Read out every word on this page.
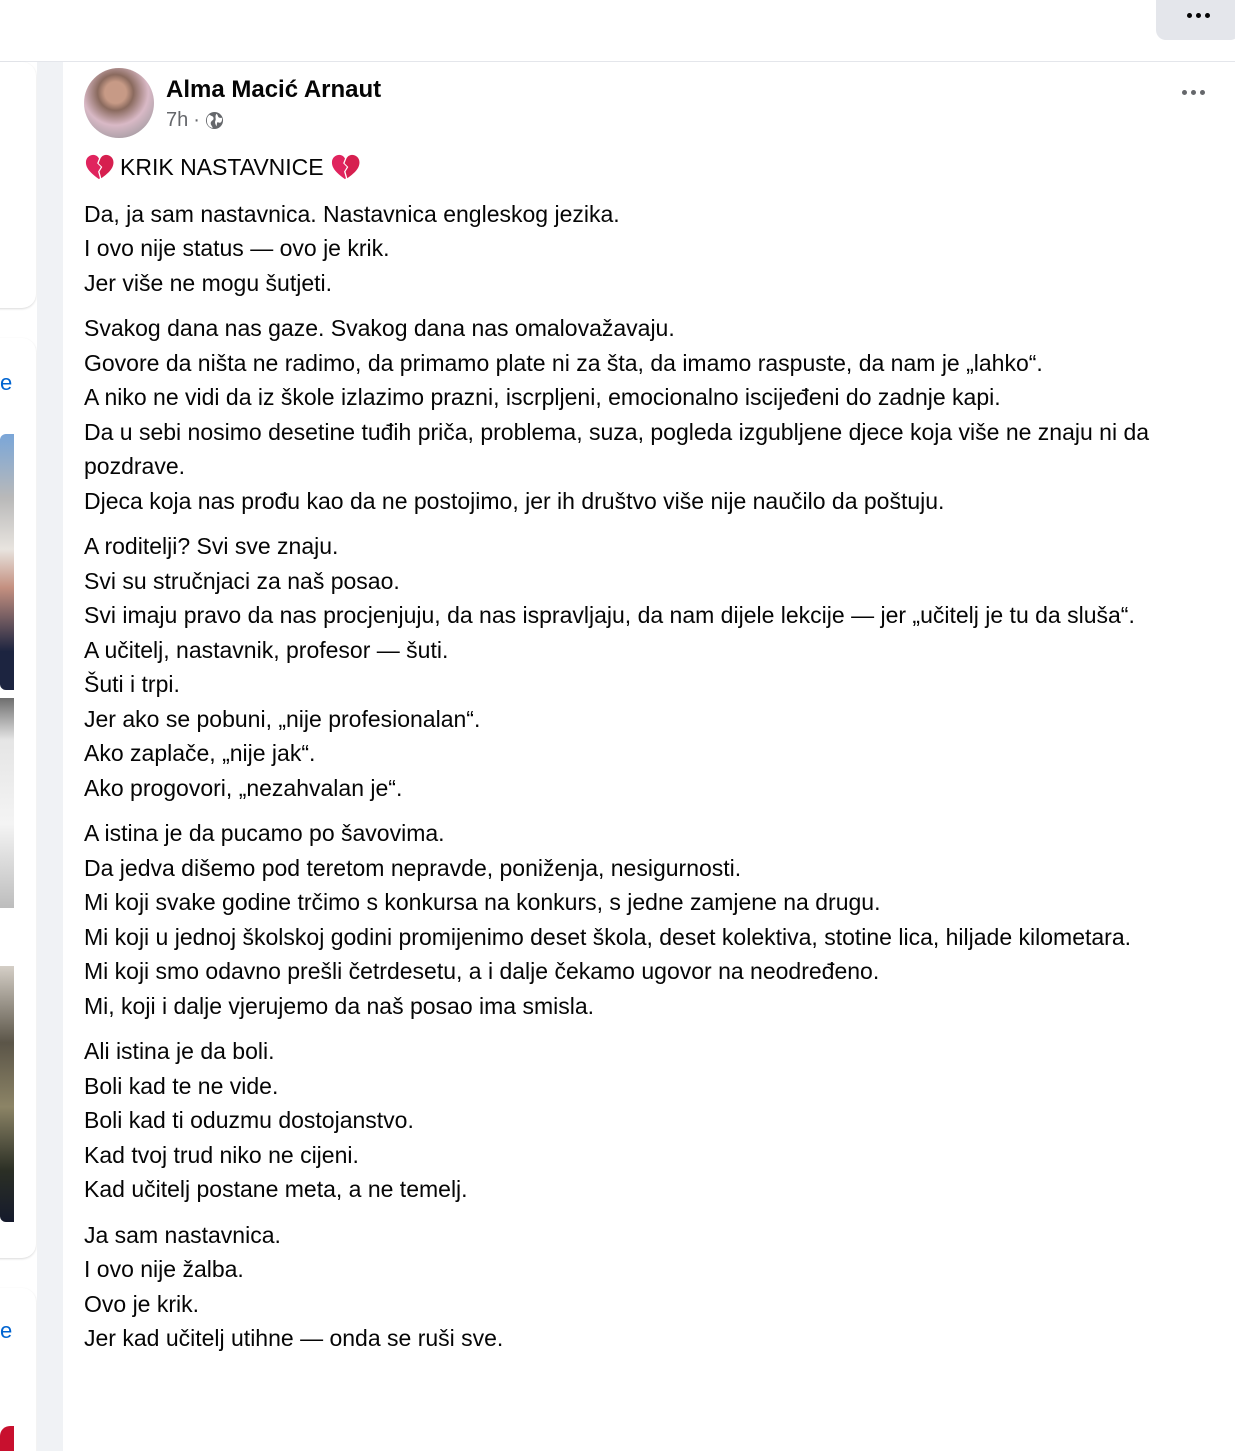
e
e
Alma Macić Arnaut
7h ·
KRIK NASTAVNICE
Da, ja sam nastavnica. Nastavnica engleskog jezika.
I ovo nije status — ovo je krik.
Jer više ne mogu šutjeti.
Svakog dana nas gaze. Svakog dana nas omalovažavaju.
Govore da ništa ne radimo, da primamo plate ni za šta, da imamo raspuste, da nam je „lahko“.
A niko ne vidi da iz škole izlazimo prazni, iscrpljeni, emocionalno iscijeđeni do zadnje kapi.
Da u sebi nosimo desetine tuđih priča, problema, suza, pogleda izgubljene djece koja više ne znaju ni da pozdrave.
Djeca koja nas prođu kao da ne postojimo, jer ih društvo više nije naučilo da poštuju.
A roditelji? Svi sve znaju.
Svi su stručnjaci za naš posao.
Svi imaju pravo da nas procjenjuju, da nas ispravljaju, da nam dijele lekcije — jer „učitelj je tu da sluša“.
A učitelj, nastavnik, profesor — šuti.
Šuti i trpi.
Jer ako se pobuni, „nije profesionalan“.
Ako zaplače, „nije jak“.
Ako progovori, „nezahvalan je“.
A istina je da pucamo po šavovima.
Da jedva dišemo pod teretom nepravde, poniženja, nesigurnosti.
Mi koji svake godine trčimo s konkursa na konkurs, s jedne zamjene na drugu.
Mi koji u jednoj školskoj godini promijenimo deset škola, deset kolektiva, stotine lica, hiljade kilometara.
Mi koji smo odavno prešli četrdesetu, a i dalje čekamo ugovor na neodređeno.
Mi, koji i dalje vjerujemo da naš posao ima smisla.
Ali istina je da boli.
Boli kad te ne vide.
Boli kad ti oduzmu dostojanstvo.
Kad tvoj trud niko ne cijeni.
Kad učitelj postane meta, a ne temelj.
Ja sam nastavnica.
I ovo nije žalba.
Ovo je krik.
Jer kad učitelj utihne — onda se ruši sve.
